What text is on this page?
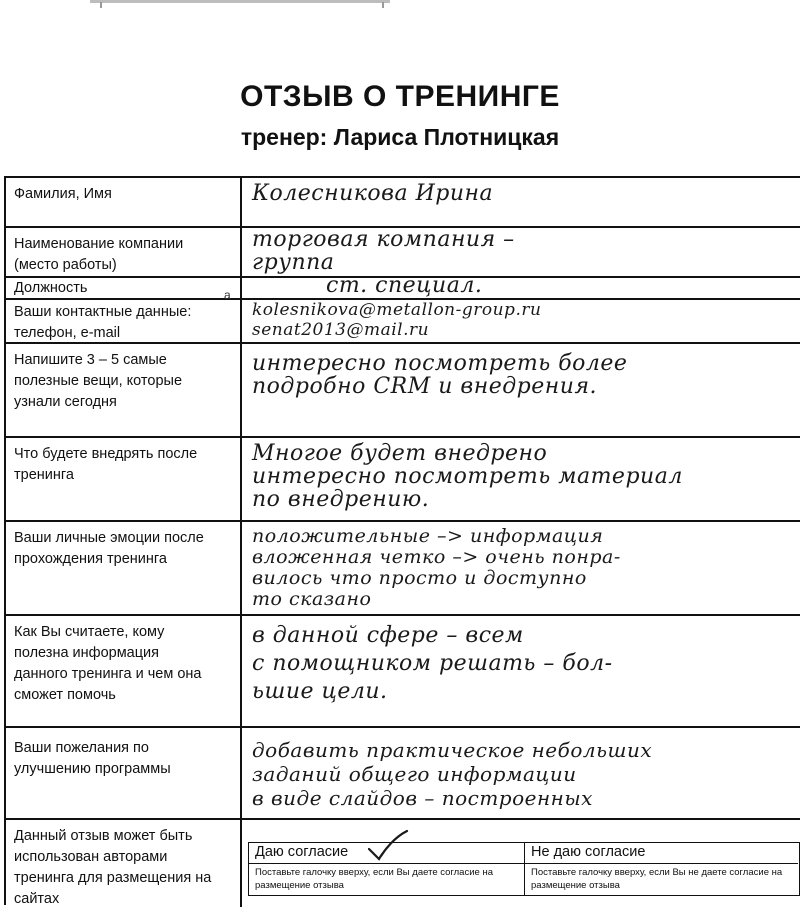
ОТЗЫВ О ТРЕНИНГЕ
тренер: Лариса Плотницкая
Фамилия, Имя	Колесникова Ирина
Наименование компании
(место работы)
торговая компания –
группа
Должность	ст. специал.
Ваши контактные данные:
телефон, e-mail
kolesnikova@metallon-group.ru
senat2013@mail.ru
Напишите 3 – 5 самые
полезные вещи, которые
узнали сегодня
интересно посмотреть более
подробно CRM и внедрения.
Что будете внедрять после
тренинга
Многое будет внедрено
интересно посмотреть материал
по внедрению.
Ваши личные эмоции после
прохождения тренинга
положительные –> информация
вложенная четко –> очень понра-
вилось что просто и доступно
то сказано
Как Вы считаете, кому
полезна информация
данного тренинга и чем она
сможет помочь
в данной сфере – всем
с помощником решать – бол-
ьшие цели.
Ваши пожелания по
улучшению программы
добавить практическое небольших
заданий общего информации
в виде слайдов – построенных
Данный отзыв может быть
использован авторами
тренинга для размещения на
сайтах
Даю согласие
Поставьте галочку вверху, если Вы даете согласие на размещение отзыва
Не даю согласие
Поставьте галочку вверху, если Вы не даете согласие на размещение отзыва
а
